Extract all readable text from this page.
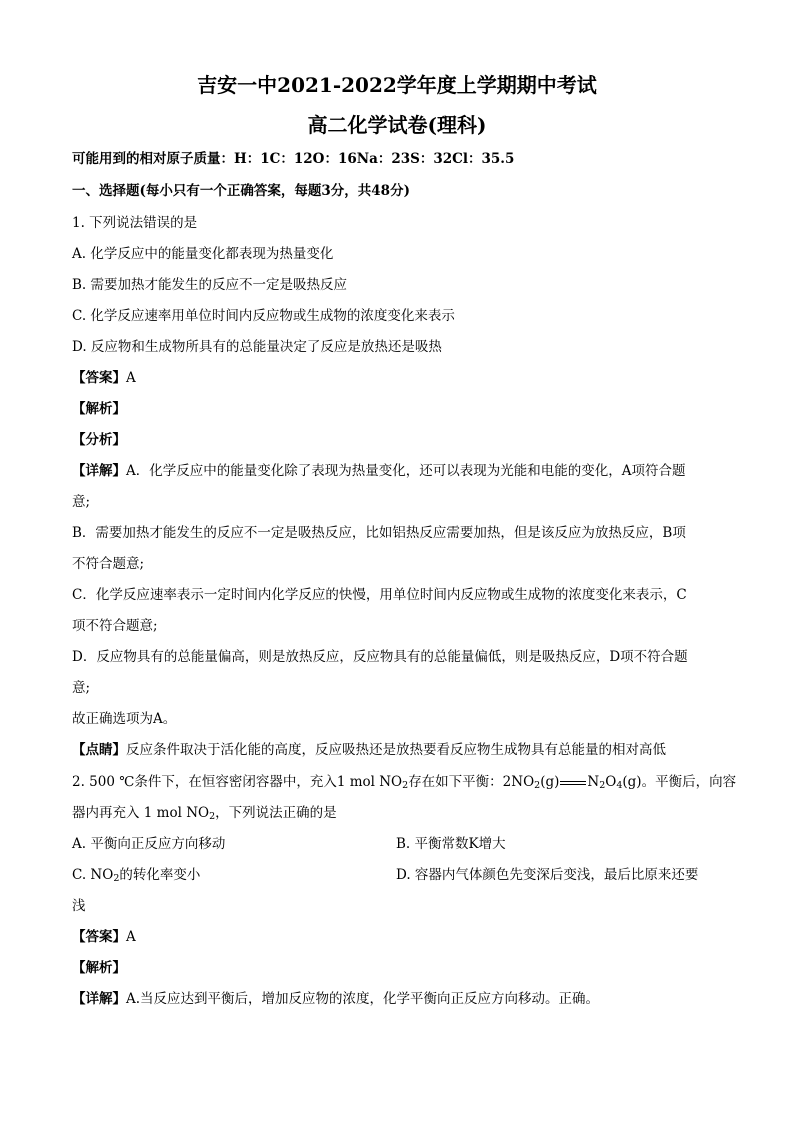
吉安一中2021-2022学年度上学期期中考试
高二化学试卷(理科)
可能用到的相对原子质量：H：1C：12O：16Na：23S：32Cl：35.5
一、选择题(每小只有一个正确答案，每题3分，共48分)
1. 下列说法错误的是
A. 化学反应中的能量变化都表现为热量变化
B. 需要加热才能发生的反应不一定是吸热反应
C. 化学反应速率用单位时间内反应物或生成物的浓度变化来表示
D. 反应物和生成物所具有的总能量决定了反应是放热还是吸热
【答案】A
【解析】
【分析】
【详解】A．化学反应中的能量变化除了表现为热量变化，还可以表现为光能和电能的变化，A项符合题
意;
B．需要加热才能发生的反应不一定是吸热反应，比如铝热反应需要加热，但是该反应为放热反应，B项
不符合题意;
C．化学反应速率表示一定时间内化学反应的快慢，用单位时间内反应物或生成物的浓度变化来表示，C
项不符合题意;
D．反应物具有的总能量偏高，则是放热反应，反应物具有的总能量偏低，则是吸热反应，D项不符合题
意;
故正确选项为A。
【点睛】反应条件取决于活化能的高度，反应吸热还是放热要看反应物生成物具有总能量的相对高低
2. 500 ℃条件下，在恒容密闭容器中，充入1 mol $NO_2$存在如下平衡：$2NO_2(g)$ $N_2O_4(g)$。平衡后，向容
器内再充入 1 mol $NO_2$，下列说法正确的是
A. 平衡向正反应方向移动	B. 平衡常数K增大
C. $NO_2$的转化率变小	D. 容器内气体颜色先变深后变浅，最后比原来还要
浅
【答案】A
【解析】
【详解】A.当反应达到平衡后，增加反应物的浓度，化学平衡向正反应方向移动。正确。
